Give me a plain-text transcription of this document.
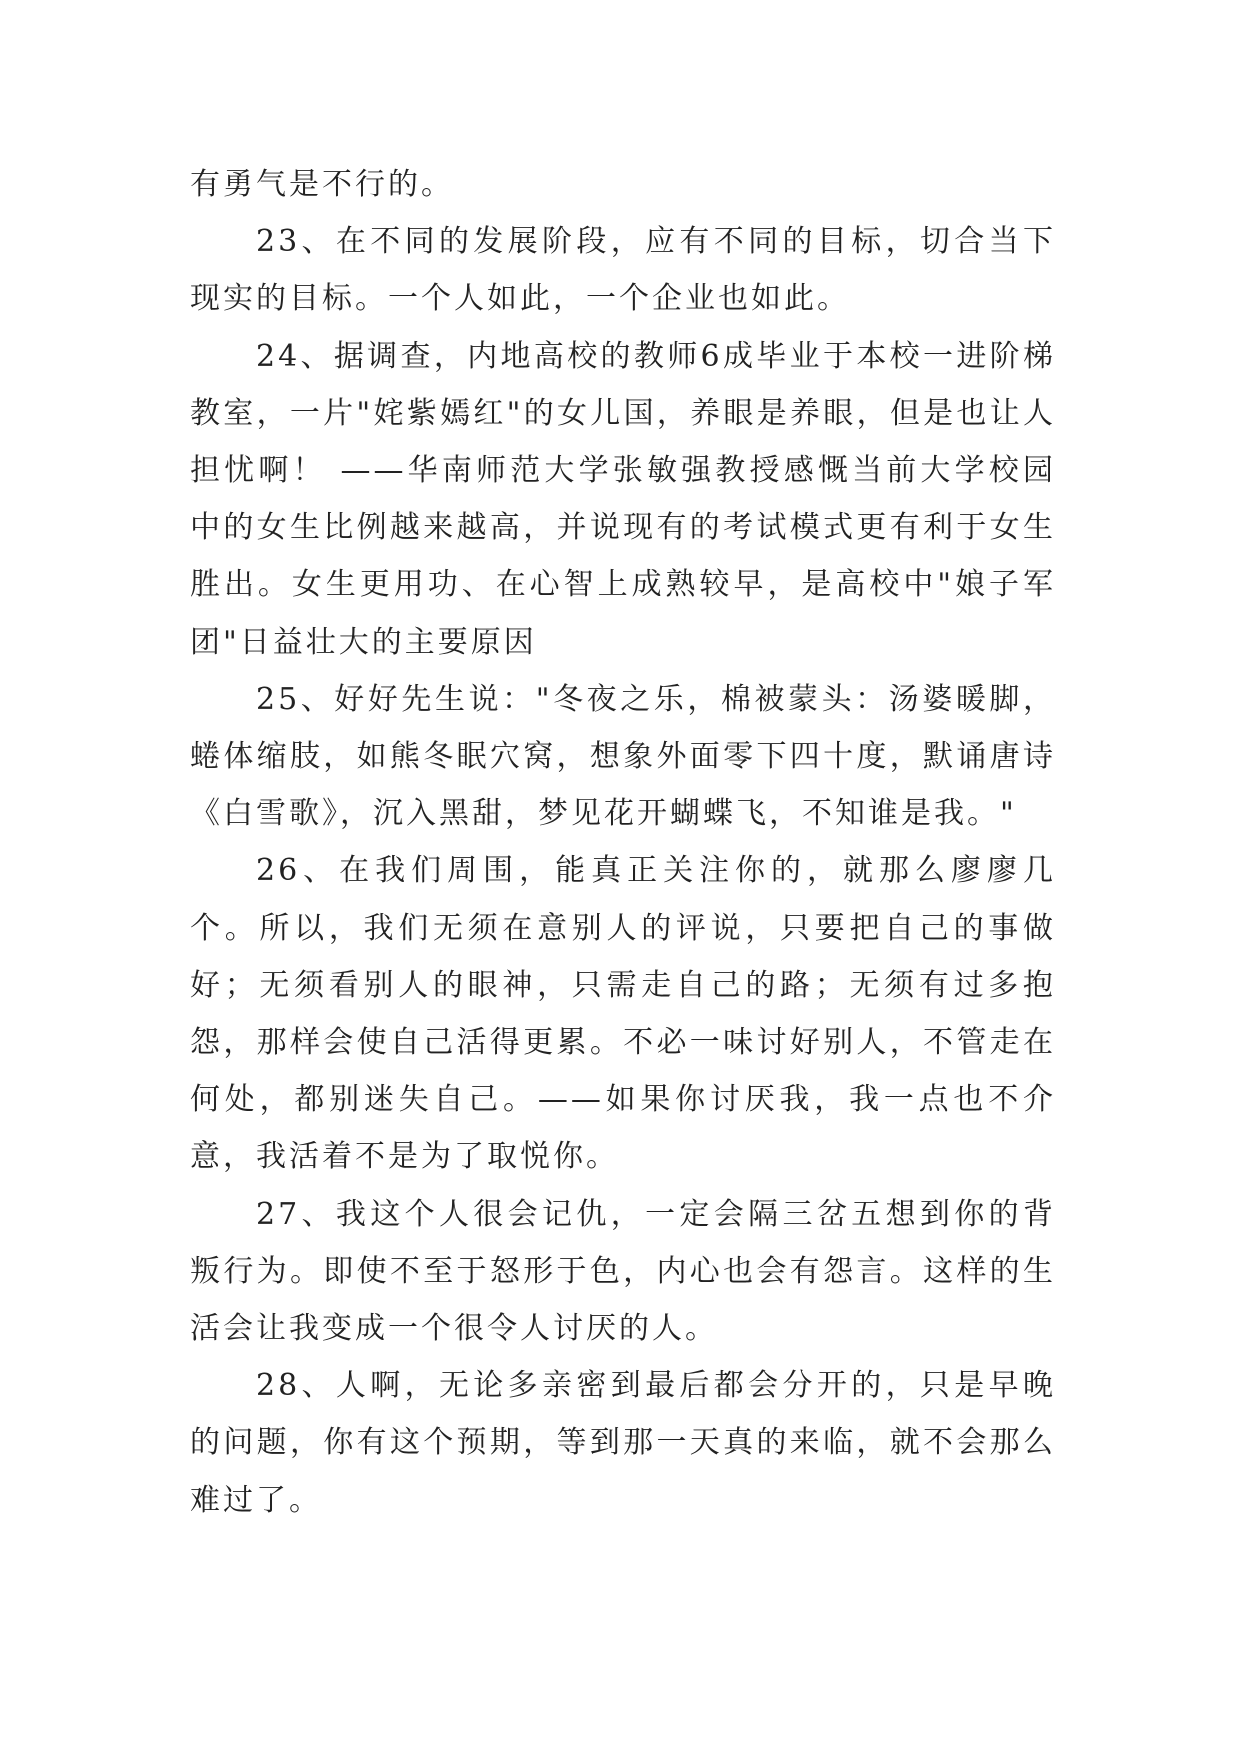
有勇气是不行的。

23、在不同的发展阶段，应有不同的目标，切合当下现实的目标。一个人如此，一个企业也如此。

24、据调查，内地高校的教师6成毕业于本校一进阶梯教室，一片"姹紫嫣红"的女儿国，养眼是养眼，但是也让人担忧啊！ ——华南师范大学张敏强教授感慨当前大学校园中的女生比例越来越高，并说现有的考试模式更有利于女生胜出。女生更用功、在心智上成熟较早，是高校中"娘子军团"日益壮大的主要原因

25、好好先生说："冬夜之乐，棉被蒙头：汤婆暖脚，蜷体缩肢，如熊冬眠穴窝，想象外面零下四十度，默诵唐诗《白雪歌》，沉入黑甜，梦见花开蝴蝶飞，不知谁是我。"

26、在我们周围，能真正关注你的，就那么廖廖几个。所以，我们无须在意别人的评说，只要把自己的事做好；无须看别人的眼神，只需走自己的路；无须有过多抱怨，那样会使自己活得更累。不必一味讨好别人，不管走在何处，都别迷失自己。——如果你讨厌我，我一点也不介意，我活着不是为了取悦你。

27、我这个人很会记仇，一定会隔三岔五想到你的背叛行为。即使不至于怒形于色，内心也会有怨言。这样的生活会让我变成一个很令人讨厌的人。

28、人啊，无论多亲密到最后都会分开的，只是早晚的问题，你有这个预期，等到那一天真的来临，就不会那么难过了。
